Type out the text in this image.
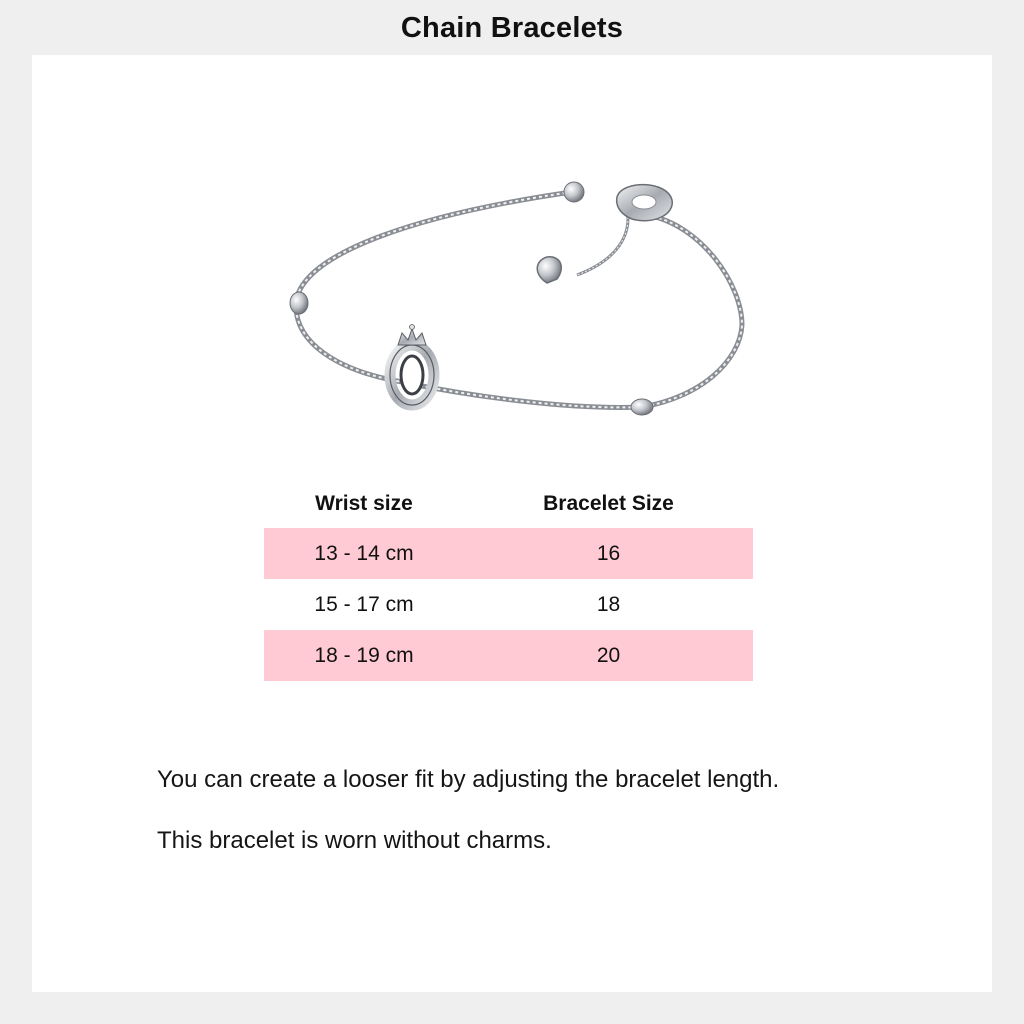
Chain Bracelets
Wrist size	Bracelet Size
13 - 14 cm	16
15 - 17 cm	18
18 - 19 cm	20
You can create a looser fit by adjusting the bracelet length.
This bracelet is worn without charms.
